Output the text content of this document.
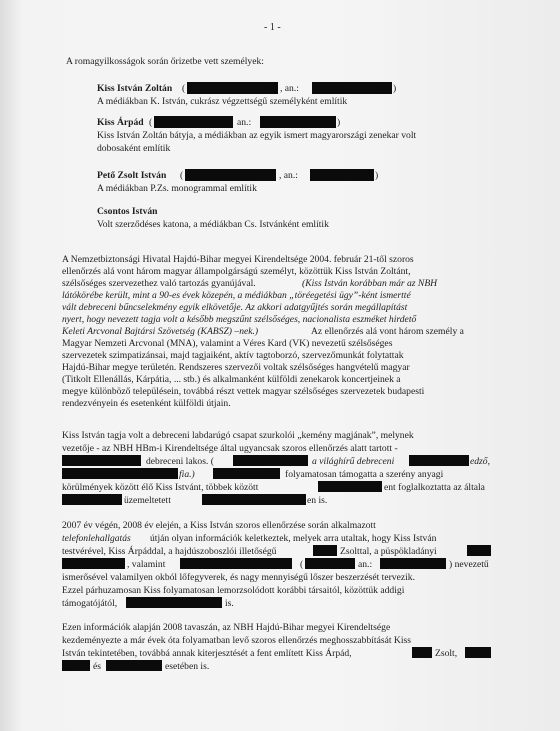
- 1 -
A romagyilkosságok során őrizetbe vett személyek:
Kiss István Zoltán (	, an.:	)
A médiákban K. István, cukrász végzettségű személyként említik
Kiss Árpád (	an.:	)
Kiss István Zoltán bátyja, a médiákban az egyik ismert magyarországi zenekar volt
dobosaként említik
Pető Zsolt István (	, an.:	)
A médiákban P.Zs. monogrammal említik
Csontos István
Volt szerződéses katona, a médiákban Cs. Istvánként említik
A Nemzetbiztonsági Hivatal Hajdú-Bihar megyei Kirendeltsége 2004. február 21-től szoros
ellenőrzés alá vont három magyar állampolgárságú személyt, közöttük Kiss István Zoltánt,
szélsőséges szervezethez való tartozás gyanújával.	(Kiss István korábban már az NBH
látókörébe került, mint a 90-es évek közepén, a médiákban „töréegetési ügy”-ként ismertté
vált debreceni bűncselekmény egyik elkövetője. Az akkori adatgyűjtés során megállapítást
nyert, hogy nevezett tagja volt a később megszűnt szélsőséges, nacionalista eszméket hirdető
Keleti Arcvonal Bajtársi Szövetség (KABSZ) –nek.)	Az ellenőrzés alá vont három személy a
Magyar Nemzeti Arcvonal (MNA), valamint a Véres Kard (VK) nevezetű szélsőséges
szervezetek szimpatizánsai, majd tagjaiként, aktív tagtoborzó, szervezőmunkát folytattak
Hajdú-Bihar megye területén. Rendszeres szervezői voltak szélsőséges hangvételű magyar
(Titkolt Ellenállás, Kárpátia, ... stb.) és alkalmanként külföldi zenekarok koncertjeinek a
megye különböző településein, továbbá részt vettek magyar szélsőséges szervezetek budapesti
rendezvényein és esetenként külföldi útjain.
Kiss István tagja volt a debreceni labdarúgó csapat szurkolói „kemény magjának”, melynek
vezetője - az NBH HBm-i Kirendeltsége által ugyancsak szoros ellenőrzés alatt tartott -
debreceni lakos. (	a világhírű debreceni	edző,
fia.)	folyamatosan támogatta a szerény anyagi
körülmények között élő Kiss Istvánt, többek között	ent foglalkoztatta az általa
üzemeltetett	en is.
2007 év végén, 2008 év elején, a Kiss István szoros ellenőrzése során alkalmazott
telefonlehallgatás útján olyan információk keletkeztek, melyek arra utaltak, hogy Kiss István
testvérével, Kiss Árpáddal, a hajdúszoboszlói illetőségű	Zsolttal, a püspökladányi
, valamint	(	an.:	) nevezetű
ismerősével valamilyen okból lőfegyverek, és nagy mennyiségű lőszer beszerzését tervezik.
Ezzel párhuzamosan Kiss folyamatosan lemorzsolódott korábbi társaitól, közöttük addigi
támogatójától,	is.
Ezen információk alapján 2008 tavaszán, az NBH Hajdú-Bihar megyei Kirendeltsége
kezdeményezte a már évek óta folyamatban levő szoros ellenőrzés meghosszabbítását Kiss
István tekintetében, továbbá annak kiterjesztését a fent említett Kiss Árpád,	Zsolt,
és	esetében is.
